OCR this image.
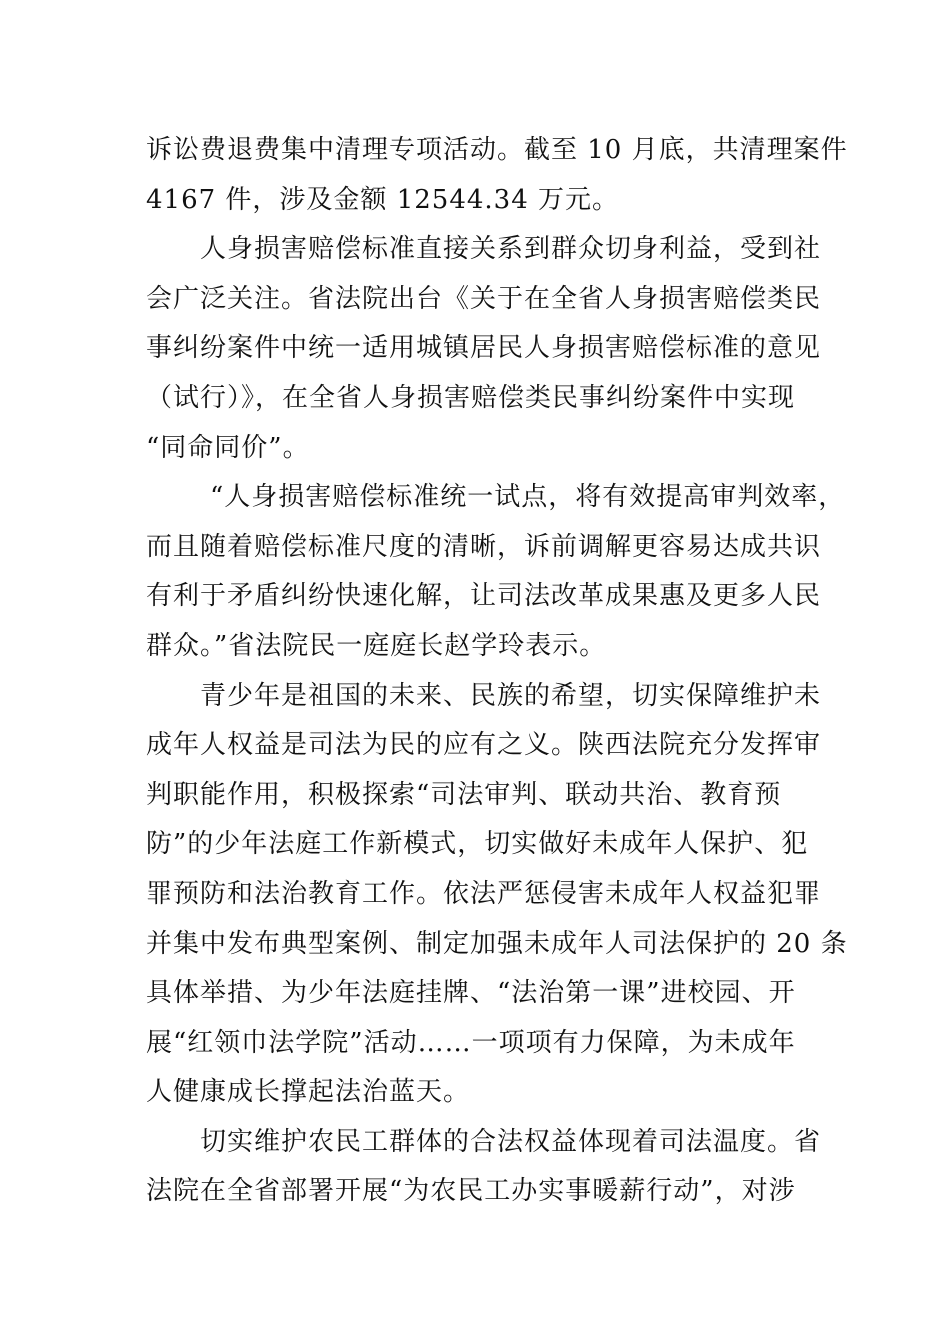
诉讼费退费集中清理专项活动。截至 10 月底，共清理案件
4167 件，涉及金额 12544.34 万元。
人身损害赔偿标准直接关系到群众切身利益，受到社
会广泛关注。省法院出台《关于在全省人身损害赔偿类民
事纠纷案件中统一适用城镇居民人身损害赔偿标准的意见
（试行）》，在全省人身损害赔偿类民事纠纷案件中实现
“同命同价”。
“人身损害赔偿标准统一试点，将有效提高审判效率，
而且随着赔偿标准尺度的清晰，诉前调解更容易达成共识
有利于矛盾纠纷快速化解，让司法改革成果惠及更多人民
群众。”省法院民一庭庭长赵学玲表示。
青少年是祖国的未来、民族的希望，切实保障维护未
成年人权益是司法为民的应有之义。陕西法院充分发挥审
判职能作用，积极探索“司法审判、联动共治、教育预
防”的少年法庭工作新模式，切实做好未成年人保护、犯
罪预防和法治教育工作。依法严惩侵害未成年人权益犯罪
并集中发布典型案例、制定加强未成年人司法保护的 20 条
具体举措、为少年法庭挂牌、“法治第一课”进校园、开
展“红领巾法学院”活动……一项项有力保障，为未成年
人健康成长撑起法治蓝天。
切实维护农民工群体的合法权益体现着司法温度。省
法院在全省部署开展“为农民工办实事暖薪行动”，对涉
